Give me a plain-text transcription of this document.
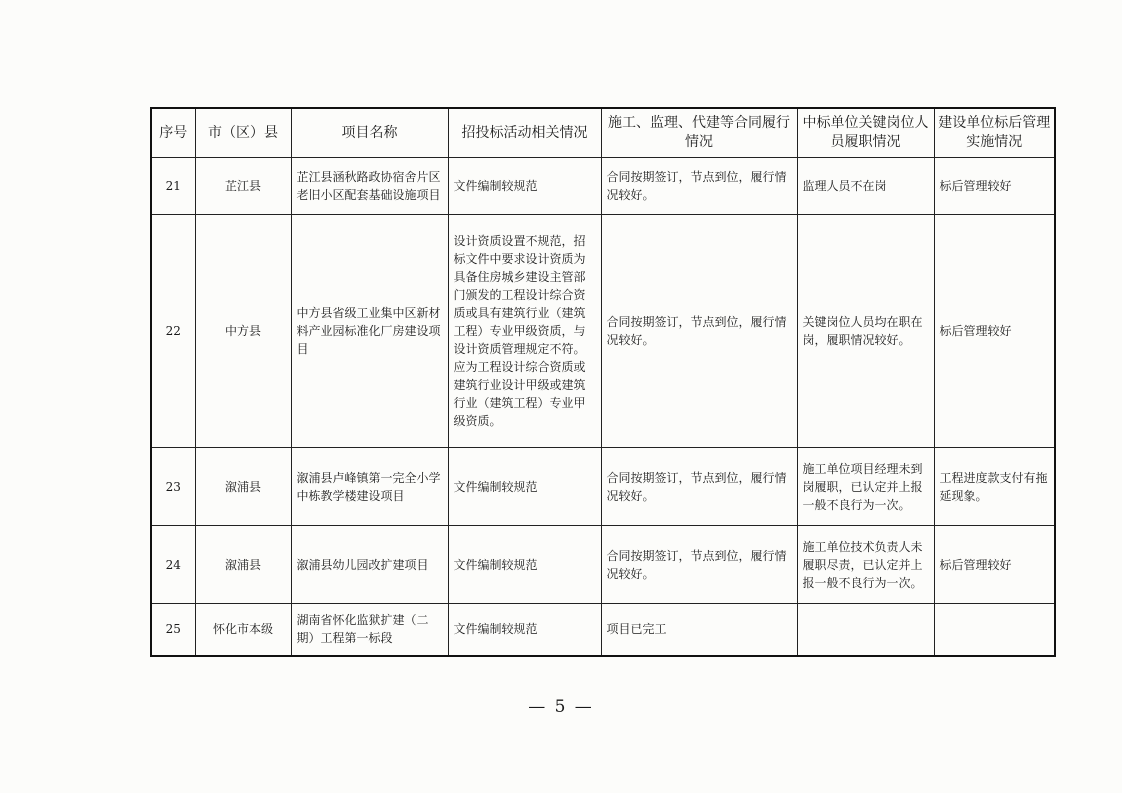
序号	市（区）县	项目名称	招投标活动相关情况	施工、监理、代建等合同履行情况	中标单位关键岗位人员履职情况	建设单位标后管理实施情况
21	芷江县	芷江县涵秋路政协宿舍片区老旧小区配套基础设施项目	文件编制较规范	合同按期签订，节点到位，履行情况较好。	监理人员不在岗	标后管理较好
22	中方县	中方县省级工业集中区新材料产业园标准化厂房建设项目	设计资质设置不规范，招标文件中要求设计资质为具备住房城乡建设主管部门颁发的工程设计综合资质或具有建筑行业（建筑工程）专业甲级资质，与设计资质管理规定不符。应为工程设计综合资质或建筑行业设计甲级或建筑行业（建筑工程）专业甲级资质。	合同按期签订，节点到位，履行情况较好。	关键岗位人员均在职在岗，履职情况较好。	标后管理较好
23	溆浦县	溆浦县卢峰镇第一完全小学中栋教学楼建设项目	文件编制较规范	合同按期签订，节点到位，履行情况较好。	施工单位项目经理未到岗履职，已认定并上报一般不良行为一次。	工程进度款支付有拖延现象。
24	溆浦县	溆浦县幼儿园改扩建项目	文件编制较规范	合同按期签订，节点到位，履行情况较好。	施工单位技术负责人未履职尽责，已认定并上报一般不良行为一次。	标后管理较好
25	怀化市本级	湖南省怀化监狱扩建（二期）工程第一标段	文件编制较规范	项目已完工		
— 5 —
